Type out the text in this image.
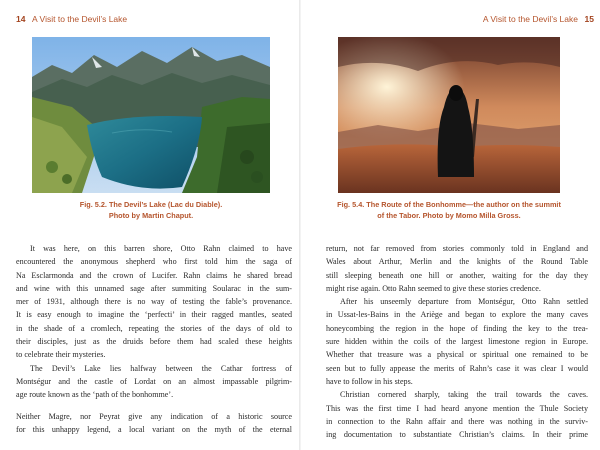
14 A Visit to the Devil’s Lake
Fig. 5.2. The Devil’s Lake (Lac du Diable).
Photo by Martin Chaput.
It was here, on this barren shore, Otto Rahn claimed to have
encountered the anonymous shepherd who first told him the saga of
Na Esclarmonda and the crown of Lucifer. Rahn claims he shared bread
and wine with this unnamed sage after summiting Soularac in the sum-
mer of 1931, although there is no way of testing the fable’s provenance.
It is easy enough to imagine the ‘perfecti’ in their ragged mantles, seated
in the shade of a cromlech, repeating the stories of the days of old to
their disciples, just as the druids before them had scaled these heights
to celebrate their mysteries.
The Devil’s Lake lies halfway between the Cathar fortress of
Montségur and the castle of Lordat on an almost impassable pilgrim-
age route known as the ‘path of the bonhomme’.
Neither Magre, nor Peyrat give any indication of a historic source
for this unhappy legend, a local variant on the myth of the eternal
A Visit to the Devil’s Lake 15
Fig. 5.4. The Route of the Bonhomme—the author on the summit
of the Tabor. Photo by Momo Milla Gross.
return, not far removed from stories commonly told in England and
Wales about Arthur, Merlin and the knights of the Round Table
still sleeping beneath one hill or another, waiting for the day they
might rise again. Otto Rahn seemed to give these stories credence.
After his unseemly departure from Montségur, Otto Rahn settled
in Ussat-les-Bains in the Ariège and began to explore the many caves
honeycombing the region in the hope of finding the key to the trea-
sure hidden within the coils of the largest limestone region in Europe.
Whether that treasure was a physical or spiritual one remained to be
seen but to fully appease the merits of Rahn’s case it was clear I would
have to follow in his steps.
Christian cornered sharply, taking the trail towards the caves.
This was the first time I had heard anyone mention the Thule Society
in connection to the Rahn affair and there was nothing in the surviv-
ing documentation to substantiate Christian’s claims. In their prime
